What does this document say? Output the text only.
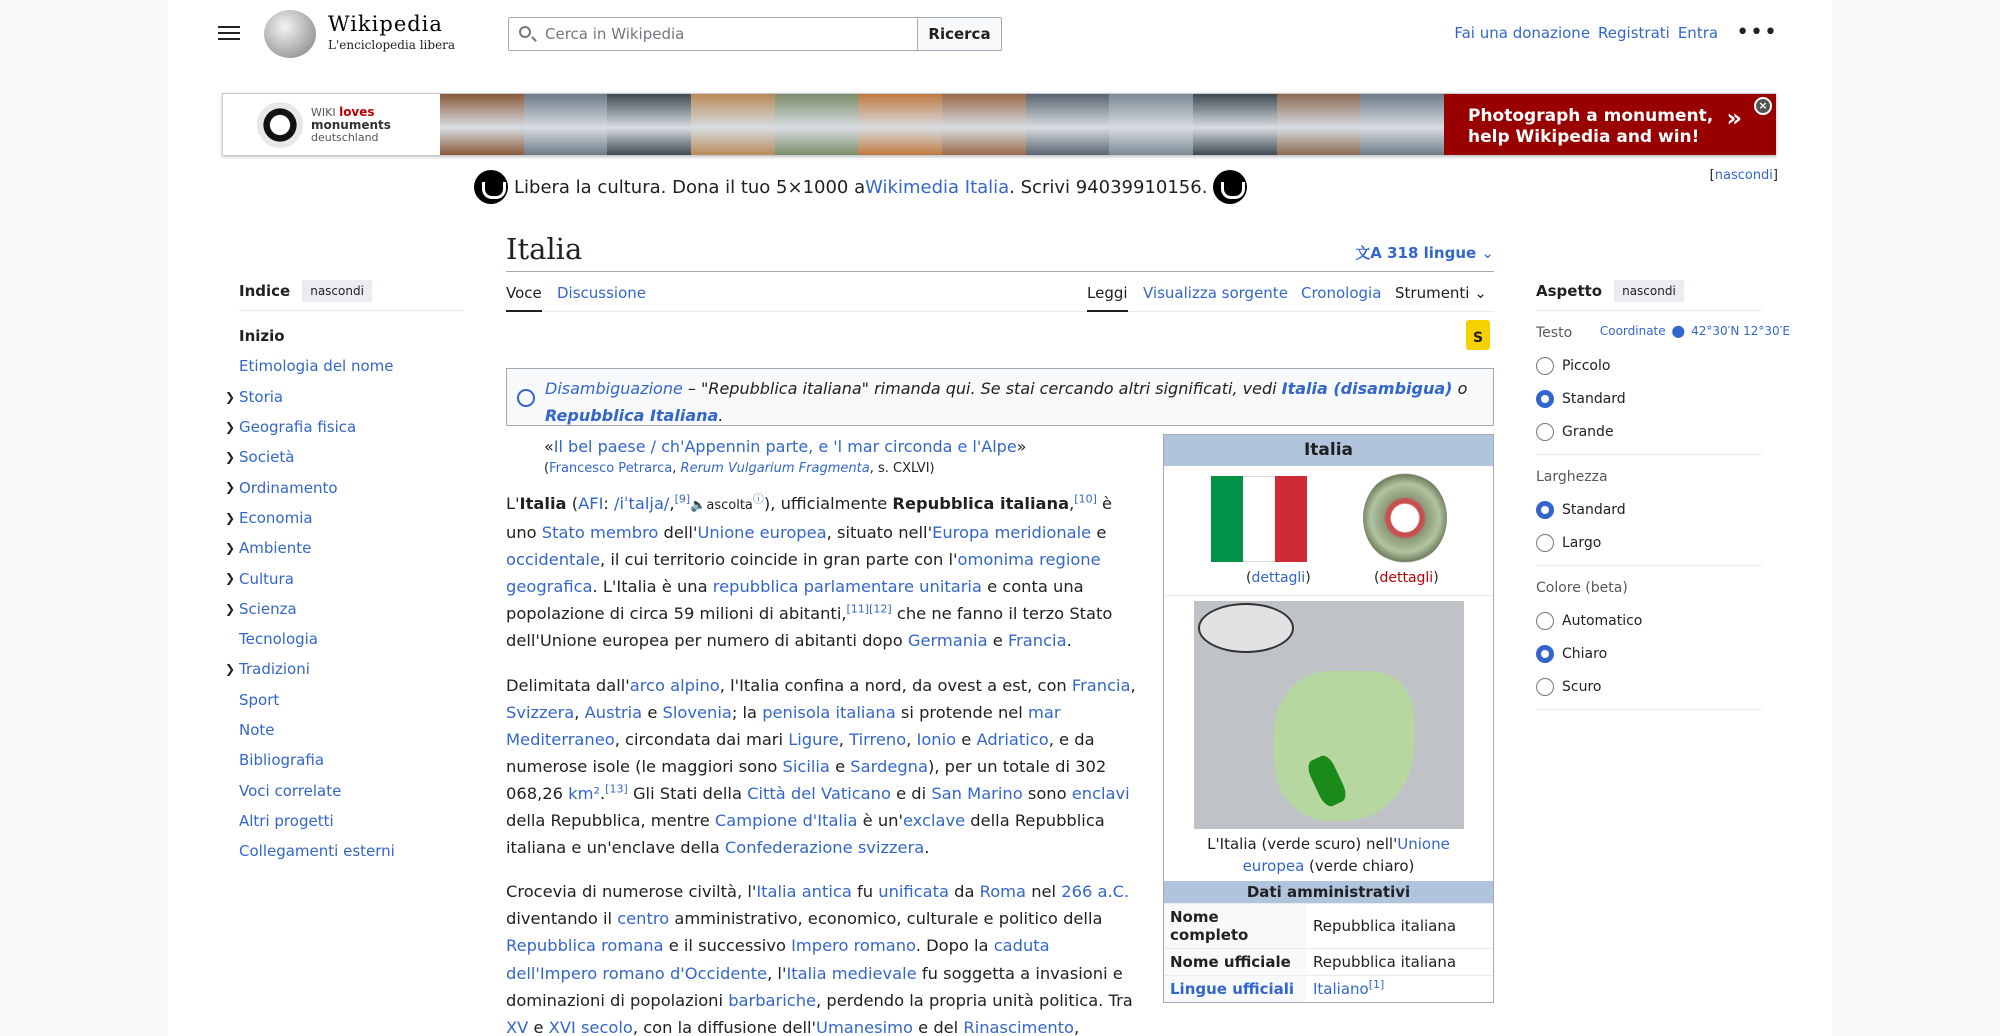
Wikipedia
L'enciclopedia libera
Cerca in Wikipedia
Ricerca	Fai una donazione Registrati Entra •••
WIKI loves
monuments
deutschland
Photograph a monument,
help Wikipedia and win!
»	×
Libera la cultura. Dona il tuo 5×1000 a Wikimedia Italia . Scrivi 94039910156.
[nascondi]
Indice	nascondi
Inizio
Etimologia del nome
❯ Storia
❯ Geografia fisica
❯ Società
❯ Ordinamento
❯ Economia
❯ Ambiente
❯ Cultura
❯ Scienza
Tecnologia
❯ Tradizioni
Sport
Note
Bibliografia
Voci correlate
Altri progetti
Collegamenti esterni
Italia	文A 318 lingue ⌄
Voce Discussione	Leggi Visualizza sorgente Cronologia Strumenti ⌄
Coordinate ⬤ 42°30′N 12°30′E
S
Disambiguazione – "Repubblica italiana" rimanda qui. Se stai cercando altri significati, vedi Italia (disambigua) o Repubblica Italiana.
«Il bel paese / ch'Appennin parte, e 'l mar circonda e l'Alpe»
(Francesco Petrarca, Rerum Vulgarium Fragmenta, s. CXLVI)

L'Italia (AFI: /iˈtalja/,[9]🔈ascoltaⓘ), ufficialmente Repubblica italiana,[10] è uno Stato membro dell'Unione europea, situato nell'Europa meridionale e occidentale, il cui territorio coincide in gran parte con l'omonima regione geografica. L'Italia è una repubblica parlamentare unitaria e conta una popolazione di circa 59 milioni di abitanti,[11][12] che ne fanno il terzo Stato dell'Unione europea per numero di abitanti dopo Germania e Francia.

Delimitata dall'arco alpino, l'Italia confina a nord, da ovest a est, con Francia, Svizzera, Austria e Slovenia; la penisola italiana si protende nel mar Mediterraneo, circondata dai mari Ligure, Tirreno, Ionio e Adriatico, e da numerose isole (le maggiori sono Sicilia e Sardegna), per un totale di 302 068,26 km².[13] Gli Stati della Città del Vaticano e di San Marino sono enclavi della Repubblica, mentre Campione d'Italia è un'exclave della Repubblica italiana e un'enclave della Confederazione svizzera.

Crocevia di numerose civiltà, l'Italia antica fu unificata da Roma nel 266 a.C. diventando il centro amministrativo, economico, culturale e politico della Repubblica romana e il successivo Impero romano. Dopo la caduta dell'Impero romano d'Occidente, l'Italia medievale fu soggetta a invasioni e dominazioni di popolazioni barbariche, perdendo la propria unità politica. Tra XV e XVI secolo, con la diffusione dell'Umanesimo e del Rinascimento,

Italia
(dettagli)	(dettagli)
L'Italia (verde scuro) nell'Unione europea (verde chiaro)
Dati amministrativi
Nome completo	Repubblica italiana
Nome ufficiale	Repubblica italiana
Lingue ufficiali	Italiano[1]
Aspetto	nascondi
Testo
Piccolo
Standard
Grande
Larghezza
Standard
Largo
Colore (beta)
Automatico
Chiaro
Scuro
